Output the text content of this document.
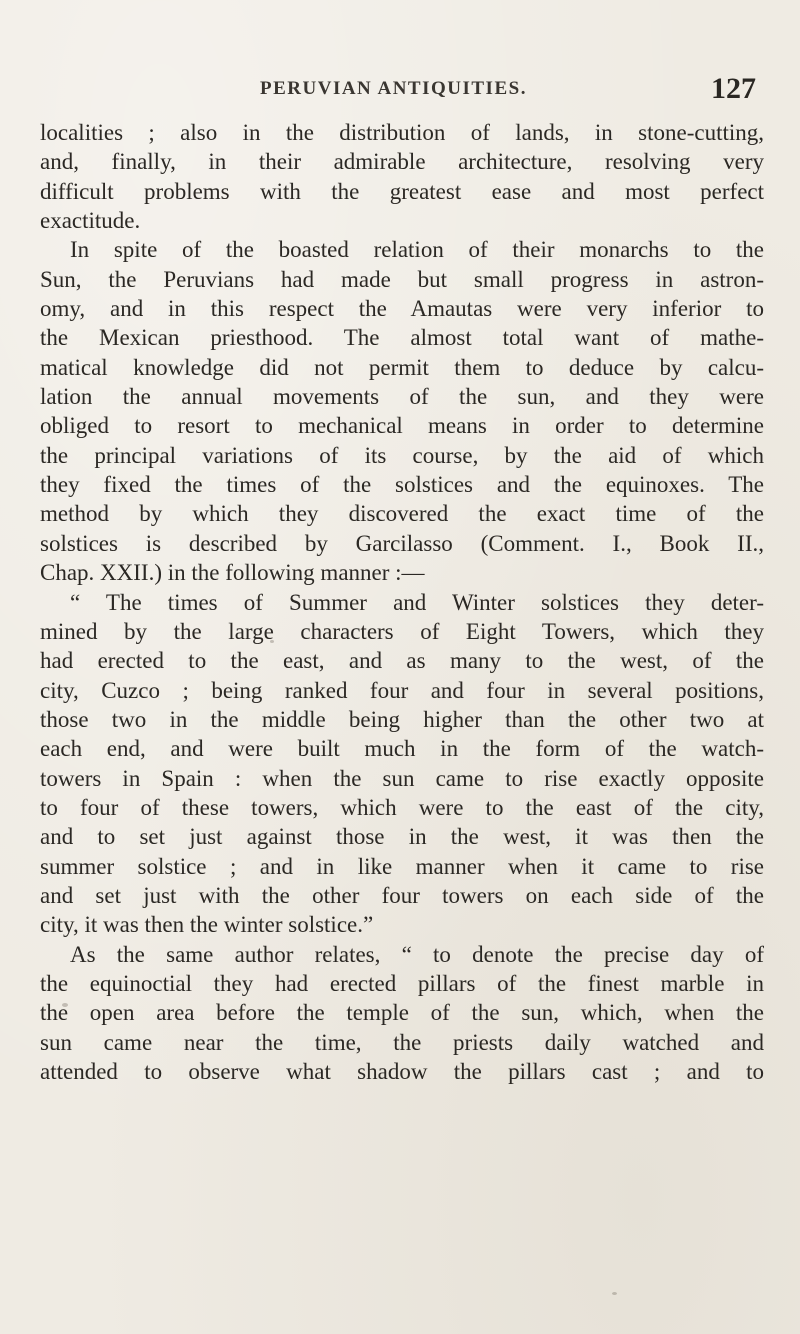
PERUVIAN ANTIQUITIES.	127
localities ; also in the distribution of lands, in stone-cutting,
and, finally, in their admirable architecture, resolving very
difficult problems with the greatest ease and most perfect
exactitude.
In spite of the boasted relation of their monarchs to the
Sun, the Peruvians had made but small progress in astron-
omy, and in this respect the Amautas were very inferior to
the Mexican priesthood. The almost total want of mathe-
matical knowledge did not permit them to deduce by calcu-
lation the annual movements of the sun, and they were
obliged to resort to mechanical means in order to determine
the principal variations of its course, by the aid of which
they fixed the times of the solstices and the equinoxes. The
method by which they discovered the exact time of the
solstices is described by Garcilasso (Comment. I., Book II.,
Chap. XXII.) in the following manner :—
“ The times of Summer and Winter solstices they deter-
mined by the large characters of Eight Towers, which they
had erected to the east, and as many to the west, of the
city, Cuzco ; being ranked four and four in several positions,
those two in the middle being higher than the other two at
each end, and were built much in the form of the watch-
towers in Spain : when the sun came to rise exactly opposite
to four of these towers, which were to the east of the city,
and to set just against those in the west, it was then the
summer solstice ; and in like manner when it came to rise
and set just with the other four towers on each side of the
city, it was then the winter solstice.”
As the same author relates, “ to denote the precise day of
the equinoctial they had erected pillars of the finest marble in
the open area before the temple of the sun, which, when the
sun came near the time, the priests daily watched and
attended to observe what shadow the pillars cast ; and to
